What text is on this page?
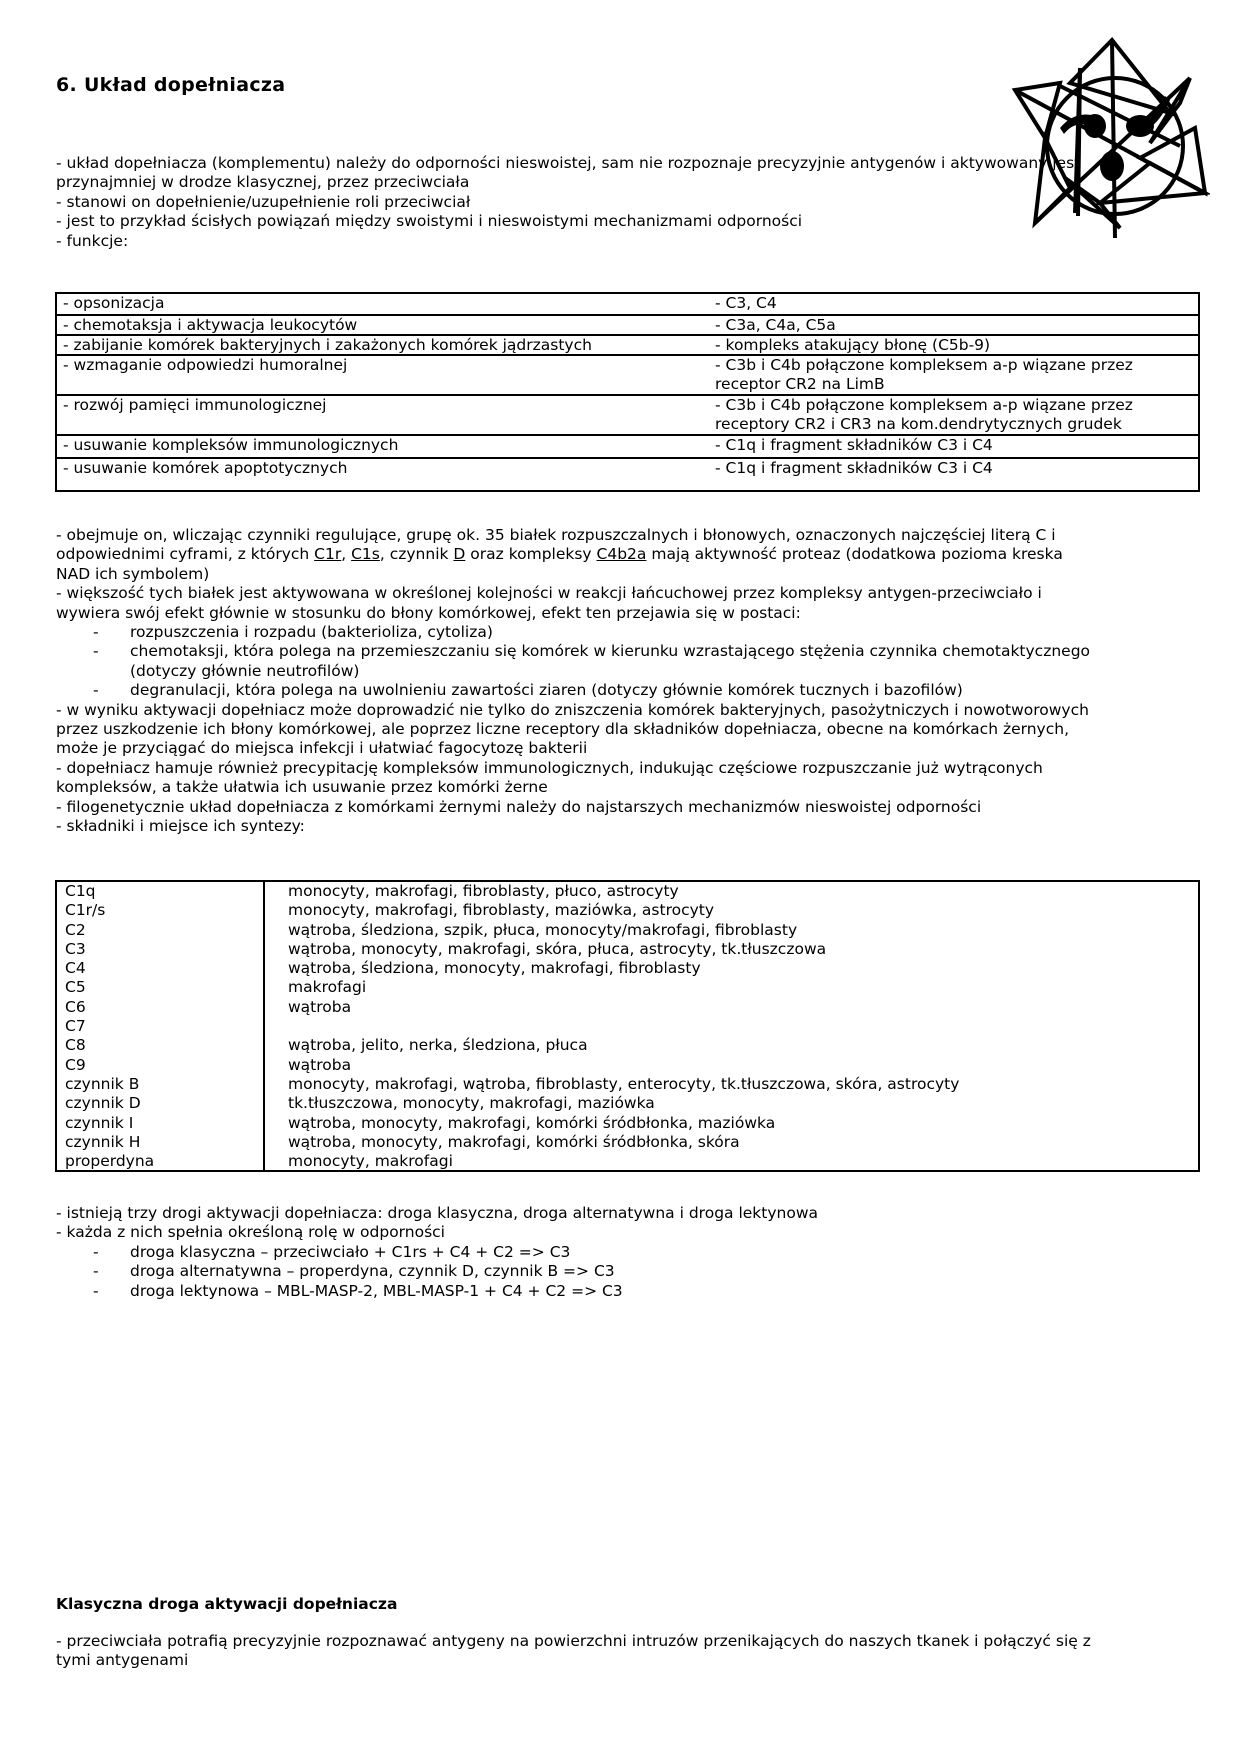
6. Układ dopełniacza

- układ dopełniacza (komplementu) należy do odporności nieswoistej, sam nie rozpoznaje precyzyjnie antygenów i aktywowany jest

przynajmniej w drodze klasycznej, przez przeciwciała

- stanowi on dopełnienie/uzupełnienie roli przeciwciał

- jest to przykład ścisłych powiązań między swoistymi i nieswoistymi mechanizmami odporności

- funkcje:

- opsonizacja	- C3, C4
- chemotaksja i aktywacja leukocytów	- C3a, C4a, C5a
- zabijanie komórek bakteryjnych i zakażonych komórek jądrzastych	- kompleks atakujący błonę (C5b-9)
- wzmaganie odpowiedzi humoralnej	- C3b i C4b połączone kompleksem a-p wiązane przez receptor CR2 na LimB
- rozwój pamięci immunologicznej	- C3b i C4b połączone kompleksem a-p wiązane przez receptory CR2 i CR3 na kom.dendrytycznych grudek
- usuwanie kompleksów immunologicznych	- C1q i fragment składników C3 i C4
- usuwanie komórek apoptotycznych	- C1q i fragment składników C3 i C4

- obejmuje on, wliczając czynniki regulujące, grupę ok. 35 białek rozpuszczalnych i błonowych, oznaczonych najczęściej literą C i

odpowiednimi cyframi, z których C1r, C1s, czynnik D oraz kompleksy C4b2a mają aktywność proteaz (dodatkowa pozioma kreska

NAD ich symbolem)

- większość tych białek jest aktywowana w określonej kolejności w reakcji łańcuchowej przez kompleksy antygen-przeciwciało i

wywiera swój efekt głównie w stosunku do błony komórkowej, efekt ten przejawia się w postaci:

-	rozpuszczenia i rozpadu (bakterioliza, cytoliza)
-	chemotaksji, która polega na przemieszczaniu się komórek w kierunku wzrastającego stężenia czynnika chemotaktycznego
(dotyczy głównie neutrofilów)
-	degranulacji, która polega na uwolnieniu zawartości ziaren (dotyczy głównie komórek tucznych i bazofilów)

- w wyniku aktywacji dopełniacz może doprowadzić nie tylko do zniszczenia komórek bakteryjnych, pasożytniczych i nowotworowych

przez uszkodzenie ich błony komórkowej, ale poprzez liczne receptory dla składników dopełniacza, obecne na komórkach żernych,

może je przyciągać do miejsca infekcji i ułatwiać fagocytozę bakterii

- dopełniacz hamuje również precypitację kompleksów immunologicznych, indukując częściowe rozpuszczanie już wytrąconych

kompleksów, a także ułatwia ich usuwanie przez komórki żerne

- filogenetycznie układ dopełniacza z komórkami żernymi należy do najstarszych mechanizmów nieswoistej odporności

- składniki i miejsce ich syntezy:

C1q	monocyty, makrofagi, fibroblasty, płuco, astrocyty
C1r/s	monocyty, makrofagi, fibroblasty, maziówka, astrocyty
C2	wątroba, śledziona, szpik, płuca, monocyty/makrofagi, fibroblasty
C3	wątroba, monocyty, makrofagi, skóra, płuca, astrocyty, tk.tłuszczowa
C4	wątroba, śledziona, monocyty, makrofagi, fibroblasty
C5	makrofagi
C6	wątroba
C7
C8	wątroba, jelito, nerka, śledziona, płuca
C9	wątroba
czynnik B	monocyty, makrofagi, wątroba, fibroblasty, enterocyty, tk.tłuszczowa, skóra, astrocyty
czynnik D	tk.tłuszczowa, monocyty, makrofagi, maziówka
czynnik I	wątroba, monocyty, makrofagi, komórki śródbłonka, maziówka
czynnik H	wątroba, monocyty, makrofagi, komórki śródbłonka, skóra
properdyna	monocyty, makrofagi

- istnieją trzy drogi aktywacji dopełniacza: droga klasyczna, droga alternatywna i droga lektynowa

- każda z nich spełnia określoną rolę w odporności

-	droga klasyczna – przeciwciało + C1rs + C4 + C2 => C3
-	droga alternatywna – properdyna, czynnik D, czynnik B => C3
-	droga lektynowa – MBL-MASP-2, MBL-MASP-1 + C4 + C2 => C3
Klasyczna droga aktywacji dopełniacza

- przeciwciała potrafią precyzyjnie rozpoznawać antygeny na powierzchni intruzów przenikających do naszych tkanek i połączyć się z

tymi antygenami
